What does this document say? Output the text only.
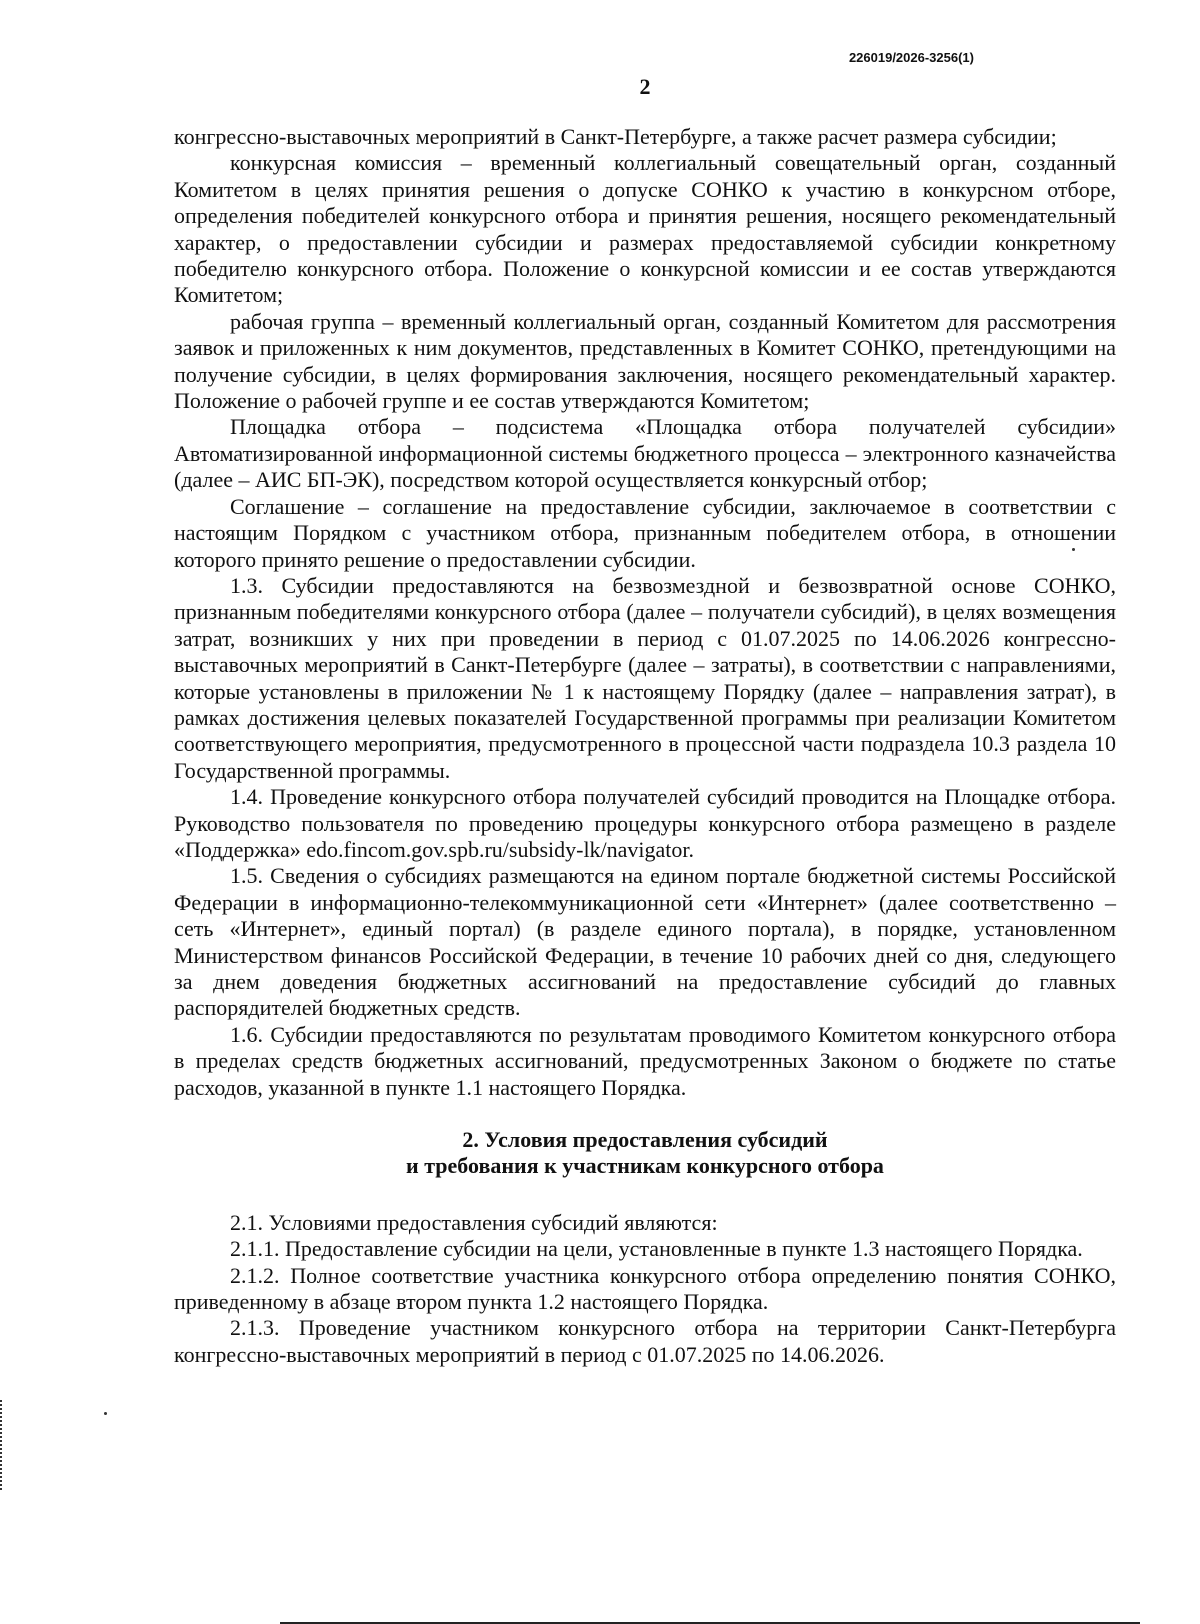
226019/2026-3256(1)
2

конгрессно-выставочных мероприятий в Санкт-Петербурге, а также расчет размера субсидии;

конкурсная комиссия – временный коллегиальный совещательный орган, созданный Комитетом в целях принятия решения о допуске СОНКО к участию в конкурсном отборе, определения победителей конкурсного отбора и принятия решения, носящего рекомендательный характер, о предоставлении субсидии и размерах предоставляемой субсидии конкретному победителю конкурсного отбора. Положение о конкурсной комиссии и ее состав утверждаются Комитетом;

рабочая группа – временный коллегиальный орган, созданный Комитетом для рассмотрения заявок и приложенных к ним документов, представленных в Комитет СОНКО, претендующими на получение субсидии, в целях формирования заключения, носящего рекомендательный характер. Положение о рабочей группе и ее состав утверждаются Комитетом;

Площадка отбора – подсистема «Площадка отбора получателей субсидии» Автоматизированной информационной системы бюджетного процесса – электронного казначейства (далее – АИС БП-ЭК), посредством которой осуществляется конкурсный отбор;

Соглашение – соглашение на предоставление субсидии, заключаемое в соответствии с настоящим Порядком с участником отбора, признанным победителем отбора, в отношении которого принято решение о предоставлении субсидии.

1.3. Субсидии предоставляются на безвозмездной и безвозвратной основе СОНКО, признанным победителями конкурсного отбора (далее – получатели субсидий), в целях возмещения затрат, возникших у них при проведении в период с 01.07.2025 по 14.06.2026 конгрессно-выставочных мероприятий в Санкт-Петербурге (далее – затраты), в соответствии с направлениями, которые установлены в приложении № 1 к настоящему Порядку (далее – направления затрат), в рамках достижения целевых показателей Государственной программы при реализации Комитетом соответствующего мероприятия, предусмотренного в процессной части подраздела 10.3 раздела 10 Государственной программы.

1.4. Проведение конкурсного отбора получателей субсидий проводится на Площадке отбора. Руководство пользователя по проведению процедуры конкурсного отбора размещено в разделе «Поддержка» edo.fincom.gov.spb.ru/subsidy-lk/navigator.

1.5. Сведения о субсидиях размещаются на едином портале бюджетной системы Российской Федерации в информационно-телекоммуникационной сети «Интернет» (далее соответственно – сеть «Интернет», единый портал) (в разделе единого портала), в порядке, установленном Министерством финансов Российской Федерации, в течение 10 рабочих дней со дня, следующего за днем доведения бюджетных ассигнований на предоставление субсидий до главных распорядителей бюджетных средств.

1.6. Субсидии предоставляются по результатам проводимого Комитетом конкурсного отбора в пределах средств бюджетных ассигнований, предусмотренных Законом о бюджете по статье расходов, указанной в пункте 1.1 настоящего Порядка.

2. Условия предоставления субсидий
и требования к участникам конкурсного отбора

2.1. Условиями предоставления субсидий являются:

2.1.1. Предоставление субсидии на цели, установленные в пункте 1.3 настоящего Порядка.

2.1.2. Полное соответствие участника конкурсного отбора определению понятия СОНКО, приведенному в абзаце втором пункта 1.2 настоящего Порядка.

2.1.3. Проведение участником конкурсного отбора на территории Санкт-Петербурга конгрессно-выставочных мероприятий в период с 01.07.2025 по 14.06.2026.
